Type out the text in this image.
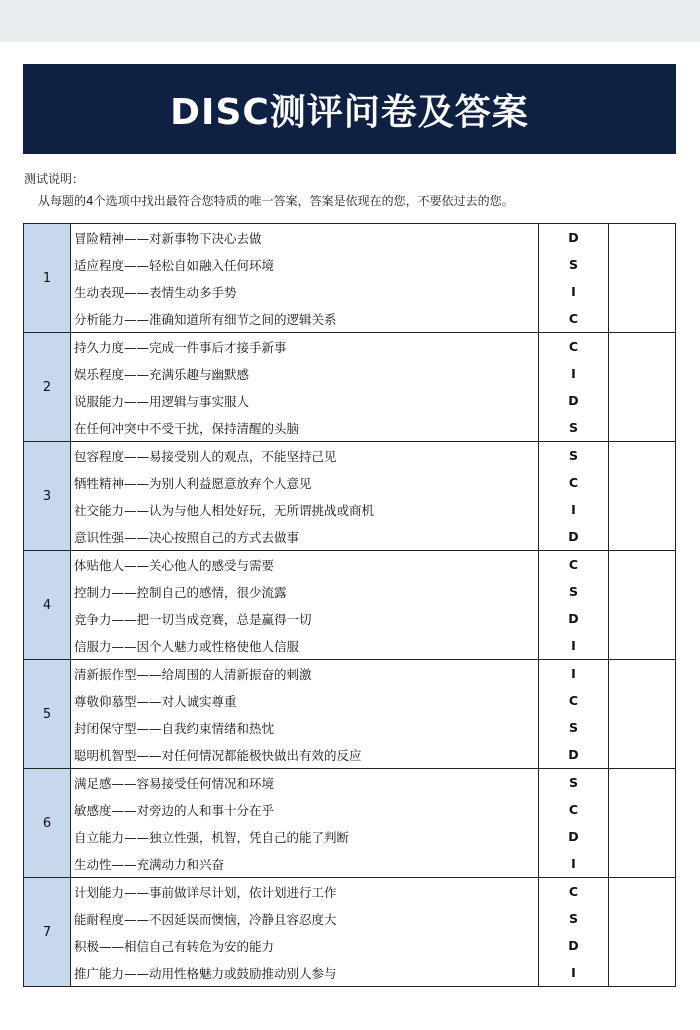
DISC测评问卷及答案
测试说明：
从每题的4个选项中找出最符合您特质的唯一答案，答案是依现在的您，不要依过去的您。
1	冒险精神——对新事物下决心去做	D	
	适应程度——轻松自如融入任何环境	S	
	生动表现——表情生动多手势	I	
	分析能力——准确知道所有细节之间的逻辑关系	C	
2	持久力度——完成一件事后才接手新事	C	
	娱乐程度——充满乐趣与幽默感	I	
	说服能力——用逻辑与事实服人	D	
	在任何冲突中不受干扰，保持清醒的头脑	S	
3	包容程度——易接受别人的观点，不能坚持己见	S	
	牺牲精神——为别人利益愿意放弃个人意见	C	
	社交能力——认为与他人相处好玩，无所谓挑战或商机	I	
	意识性强——决心按照自己的方式去做事	D	
4	体贴他人——关心他人的感受与需要	C	
	控制力——控制自己的感情，很少流露	S	
	竞争力——把一切当成竞赛，总是赢得一切	D	
	信服力——因个人魅力或性格使他人信服	I	
5	清新振作型——给周围的人清新振奋的刺激	I	
	尊敬仰慕型——对人诚实尊重	C	
	封闭保守型——自我约束情绪和热忱	S	
	聪明机智型——对任何情况都能极快做出有效的反应	D	
6	满足感——容易接受任何情况和环境	S	
	敏感度——对旁边的人和事十分在乎	C	
	自立能力——独立性强，机智，凭自己的能了判断	D	
	生动性——充满动力和兴奋	I	
7	计划能力——事前做详尽计划，依计划进行工作	C	
	能耐程度——不因延误而懊恼，冷静且容忍度大	S	
	积极——相信自己有转危为安的能力	D	
	推广能力——动用性格魅力或鼓励推动别人参与	I	
